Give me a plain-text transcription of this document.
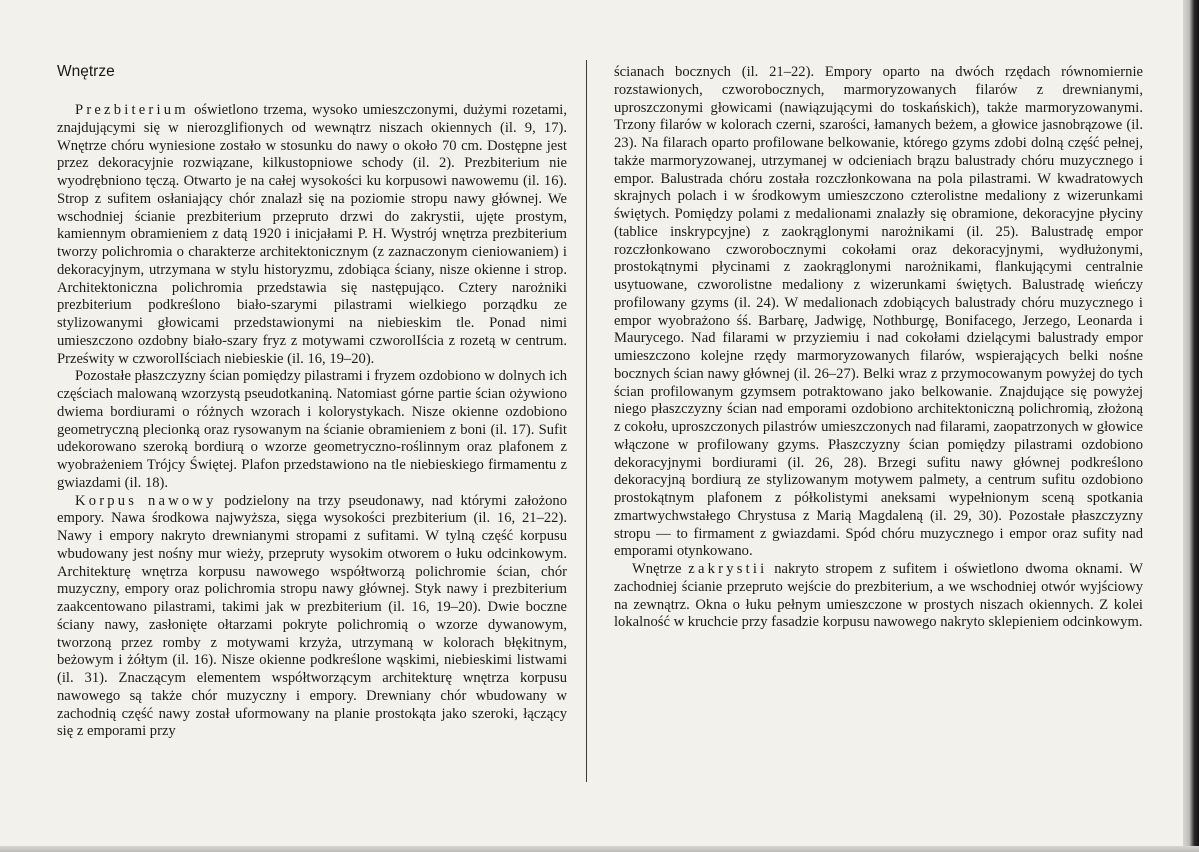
Wnętrze

Prezbiterium oświetlono trzema, wysoko umieszczonymi, dużymi rozetami, znajdującymi się w nierozglifionych od wewnątrz niszach okiennych (il. 9, 17). Wnętrze chóru wyniesione zostało w stosunku do nawy o około 70 cm. Dostępne jest przez dekoracyjnie rozwiązane, kilkustopniowe schody (il. 2). Prezbiterium nie wyodrębniono tęczą. Otwarto je na całej wysokości ku korpusowi nawowemu (il. 16). Strop z sufitem osłaniający chór znalazł się na poziomie stropu nawy głównej. We wschodniej ścianie prezbiterium przepruto drzwi do zakrystii, ujęte prostym, kamiennym obramieniem z datą 1920 i inicjałami P. H. Wystrój wnętrza prezbiterium tworzy polichromia o charakterze architektonicznym (z zaznaczonym cieniowaniem) i dekoracyjnym, utrzymana w stylu historyzmu, zdobiąca ściany, nisze okienne i strop. Architektoniczna polichromia przedstawia się następująco. Cztery narożniki prezbiterium podkreślono biało-szarymi pilastrami wielkiego porządku ze stylizowanymi głowicami przedstawionymi na niebieskim tle. Ponad nimi umieszczono ozdobny biało-szary fryz z motywami czworolIścia z rozetą w centrum. Prześwity w czworolIściach niebieskie (il. 16, 19–20).

Pozostałe płaszczyzny ścian pomiędzy pilastrami i fryzem ozdobiono w dolnych ich częściach malowaną wzorzystą pseudotkaniną. Natomiast górne partie ścian ożywiono dwiema bordiurami o różnych wzorach i kolorystykach. Nisze okienne ozdobiono geometryczną plecionką oraz rysowanym na ścianie obramieniem z boni (il. 17). Sufit udekorowano szeroką bordiurą o wzorze geometryczno-roślinnym oraz plafonem z wyobrażeniem Trójcy Świętej. Plafon przedstawiono na tle niebieskiego firmamentu z gwiazdami (il. 18).

Korpus nawowy podzielony na trzy pseudonawy, nad którymi założono empory. Nawa środkowa najwyższa, sięga wysokości prezbiterium (il. 16, 21–22). Nawy i empory nakryto drewnianymi stropami z sufitami. W tylną część korpusu wbudowany jest nośny mur wieży, przepruty wysokim otworem o łuku odcinkowym. Architekturę wnętrza korpusu nawowego współtworzą polichromie ścian, chór muzyczny, empory oraz polichromia stropu nawy głównej. Styk nawy i prezbiterium zaakcentowano pilastrami, takimi jak w prezbiterium (il. 16, 19–20). Dwie boczne ściany nawy, zasłonięte ołtarzami pokryte polichromią o wzorze dywanowym, tworzoną przez romby z motywami krzyża, utrzymaną w kolorach błękitnym, beżowym i żółtym (il. 16). Nisze okienne podkreślone wąskimi, niebieskimi listwami (il. 31). Znaczącym elementem współtworzącym architekturę wnętrza korpusu nawowego są także chór muzyczny i empory. Drewniany chór wbudowany w zachodnią część nawy został uformowany na planie prostokąta jako szeroki, łączący się z emporami przy

ścianach bocznych (il. 21–22). Empory oparto na dwóch rzędach równomiernie rozstawionych, czworobocznych, marmoryzowanych filarów z drewnianymi, uproszczonymi głowicami (nawiązującymi do toskańskich), także marmoryzowanymi. Trzony filarów w kolorach czerni, szarości, łamanych beżem, a głowice jasnobrązowe (il. 23). Na filarach oparto profilowane belkowanie, którego gzyms zdobi dolną część pełnej, także marmoryzowanej, utrzymanej w odcieniach brązu balustrady chóru muzycznego i empor. Balustrada chóru została rozczłonkowana na pola pilastrami. W kwadratowych skrajnych polach i w środkowym umieszczono czterolistne medaliony z wizerunkami świętych. Pomiędzy polami z medalionami znalazły się obramione, dekoracyjne płyciny (tablice inskrypcyjne) z zaokrąglonymi narożnikami (il. 25). Balustradę empor rozczłonkowano czworobocznymi cokołami oraz dekoracyjnymi, wydłużonymi, prostokątnymi płycinami z zaokrąglonymi narożnikami, flankującymi centralnie usytuowane, czworolistne medaliony z wizerunkami świętych. Balustradę wieńczy profilowany gzyms (il. 24). W medalionach zdobiących balustrady chóru muzycznego i empor wyobrażono śś. Barbarę, Jadwigę, Nothburgę, Bonifacego, Jerzego, Leonarda i Maurycego. Nad filarami w przyziemiu i nad cokołami dzielącymi balustrady empor umieszczono kolejne rzędy marmoryzowanych filarów, wspierających belki nośne bocznych ścian nawy głównej (il. 26–27). Belki wraz z przymocowanym powyżej do tych ścian profilowanym gzymsem potraktowano jako belkowanie. Znajdujące się powyżej niego płaszczyzny ścian nad emporami ozdobiono architektoniczną polichromią, złożoną z cokołu, uproszczonych pilastrów umieszczonych nad filarami, zaopatrzonych w głowice włączone w profilowany gzyms. Płaszczyzny ścian pomiędzy pilastrami ozdobiono dekoracyjnymi bordiurami (il. 26, 28). Brzegi sufitu nawy głównej podkreślono dekoracyjną bordiurą ze stylizowanym motywem palmety, a centrum sufitu ozdobiono prostokątnym plafonem z półkolistymi aneksami wypełnionym sceną spotkania zmartwychwstałego Chrystusa z Marią Magdaleną (il. 29, 30). Pozostałe płaszczyzny stropu — to firmament z gwiazdami. Spód chóru muzycznego i empor oraz sufity nad emporami otynkowano.

Wnętrze zakrystii nakryto stropem z sufitem i oświetlono dwoma oknami. W zachodniej ścianie przepruto wejście do prezbiterium, a we wschodniej otwór wyjściowy na zewnątrz. Okna o łuku pełnym umieszczone w prostych niszach okiennych. Z kolei lokalność w kruchcie przy fasadzie korpusu nawowego nakryto sklepieniem odcinkowym.
